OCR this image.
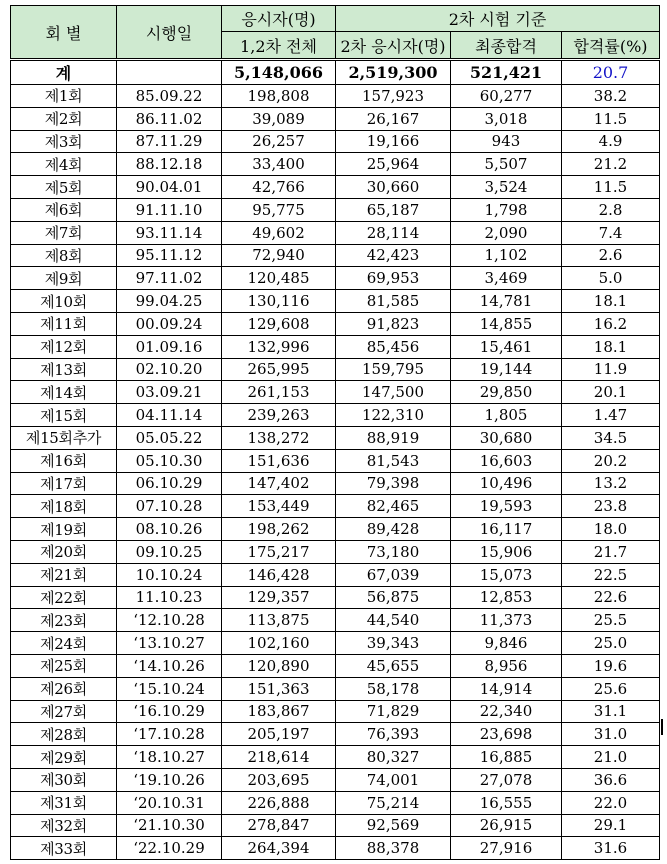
회 별	시행일	응시자(명)	2차 시험 기준		
		1,2차 전체	2차 응시자(명)	최종합격	합격률(%)
계		5,148,066	2,519,300	521,421	20.7
제1회	85.09.22	198,808	157,923	60,277	38.2
제2회	86.11.02	39,089	26,167	3,018	11.5
제3회	87.11.29	26,257	19,166	943	4.9
제4회	88.12.18	33,400	25,964	5,507	21.2
제5회	90.04.01	42,766	30,660	3,524	11.5
제6회	91.11.10	95,775	65,187	1,798	2.8
제7회	93.11.14	49,602	28,114	2,090	7.4
제8회	95.11.12	72,940	42,423	1,102	2.6
제9회	97.11.02	120,485	69,953	3,469	5.0
제10회	99.04.25	130,116	81,585	14,781	18.1
제11회	00.09.24	129,608	91,823	14,855	16.2
제12회	01.09.16	132,996	85,456	15,461	18.1
제13회	02.10.20	265,995	159,795	19,144	11.9
제14회	03.09.21	261,153	147,500	29,850	20.1
제15회	04.11.14	239,263	122,310	1,805	1.47
제15회추가	05.05.22	138,272	88,919	30,680	34.5
제16회	05.10.30	151,636	81,543	16,603	20.2
제17회	06.10.29	147,402	79,398	10,496	13.2
제18회	07.10.28	153,449	82,465	19,593	23.8
제19회	08.10.26	198,262	89,428	16,117	18.0
제20회	09.10.25	175,217	73,180	15,906	21.7
제21회	10.10.24	146,428	67,039	15,073	22.5
제22회	11.10.23	129,357	56,875	12,853	22.6
제23회	‘12.10.28	113,875	44,540	11,373	25.5
제24회	‘13.10.27	102,160	39,343	9,846	25.0
제25회	‘14.10.26	120,890	45,655	8,956	19.6
제26회	‘15.10.24	151,363	58,178	14,914	25.6
제27회	‘16.10.29	183,867	71,829	22,340	31.1
제28회	‘17.10.28	205,197	76,393	23,698	31.0
제29회	‘18.10.27	218,614	80,327	16,885	21.0
제30회	‘19.10.26	203,695	74,001	27,078	36.6
제31회	‘20.10.31	226,888	75,214	16,555	22.0
제32회	‘21.10.30	278,847	92,569	26,915	29.1
제33회	‘22.10.29	264,394	88,378	27,916	31.6
